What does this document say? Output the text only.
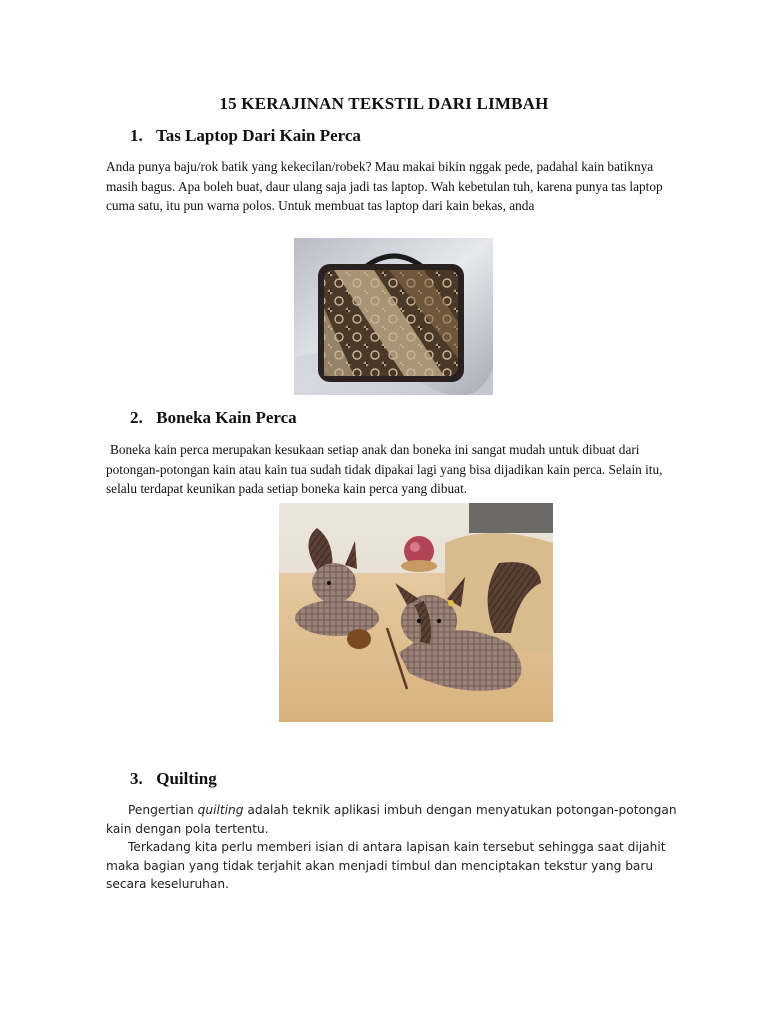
15 KERAJINAN TEKSTIL DARI LIMBAH
1. Tas Laptop Dari Kain Perca

Anda punya baju/rok batik yang kekecilan/robek? Mau makai bikin nggak pede, padahal kain batiknya masih bagus. Apa boleh buat, daur ulang saja jadi tas laptop. Wah kebetulan tuh, karena punya tas laptop cuma satu, itu pun warna polos. Untuk membuat tas laptop dari kain bekas, anda

2. Boneka Kain Perca

Boneka kain perca merupakan kesukaan setiap anak dan boneka ini sangat mudah untuk dibuat dari potongan-potongan kain atau kain tua sudah tidak dipakai lagi yang bisa dijadikan kain perca. Selain itu, selalu terdapat keunikan pada setiap boneka kain perca yang dibuat.

3. Quilting

Pengertian quilting adalah teknik aplikasi imbuh dengan menyatukan potongan-potongan kain dengan pola tertentu.

Terkadang kita perlu memberi isian di antara lapisan kain tersebut sehingga saat dijahit maka bagian yang tidak terjahit akan menjadi timbul dan menciptakan tekstur yang baru secara keseluruhan.
